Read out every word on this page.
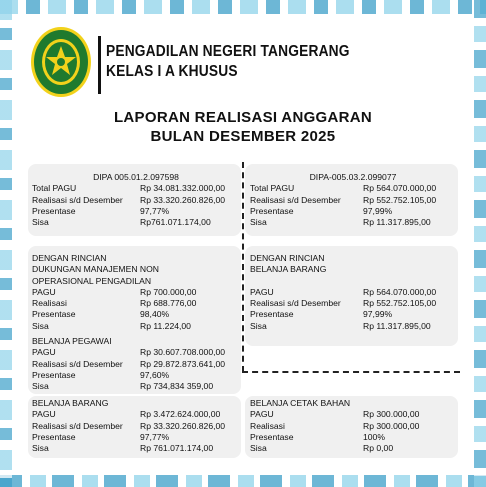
PENGADILAN NEGERI TANGERANG
KELAS I A KHUSUS
LAPORAN REALISASI ANGGARAN
BULAN DESEMBER 2025
DIPA 005.01.2.097598
Total PAGU	Rp 34.081.332.000,00
Realisasi s/d Desember Rp 33.320.260.826,00
Presentase	97,77%
Sisa	Rp761.071.174,00
DIPA-005.03.2.099077
Total PAGU	Rp 564.070.000,00
Realisasi s/d Desember	Rp 552.752.105,00
Presentase	97,99%
Sisa	Rp 11.317.895,00
DENGAN RINCIAN
DUKUNGAN MANAJEMEN NON
OPERASIONAL PENGADILAN
PAGU	Rp 700.000,00
Realisasi	Rp 688.776,00
Presentase	98,40%
Sisa	Rp 11.224,00
DENGAN RINCIAN
BELANJA BARANG
PAGU	Rp 564.070.000,00
Realisasi s/d Desember	Rp 552.752.105,00
Presentase	97,99%
Sisa	Rp 11.317.895,00
BELANJA PEGAWAI
PAGU	Rp 30.607.708.000,00
Realisasi s/d Desember Rp 29.872.873.641,00
Presentase	97,60%
Sisa	Rp 734,834 359,00
BELANJA BARANG
PAGU	Rp 3.472.624.000,00
Realisasi s/d Desember Rp 33.320.260.826,00
Presentase	97,77%
Sisa	Rp 761.071.174,00
BELANJA CETAK BAHAN
PAGU	Rp 300.000,00
Realisasi	Rp 300.000,00
Presentase	100%
Sisa	Rp 0,00
